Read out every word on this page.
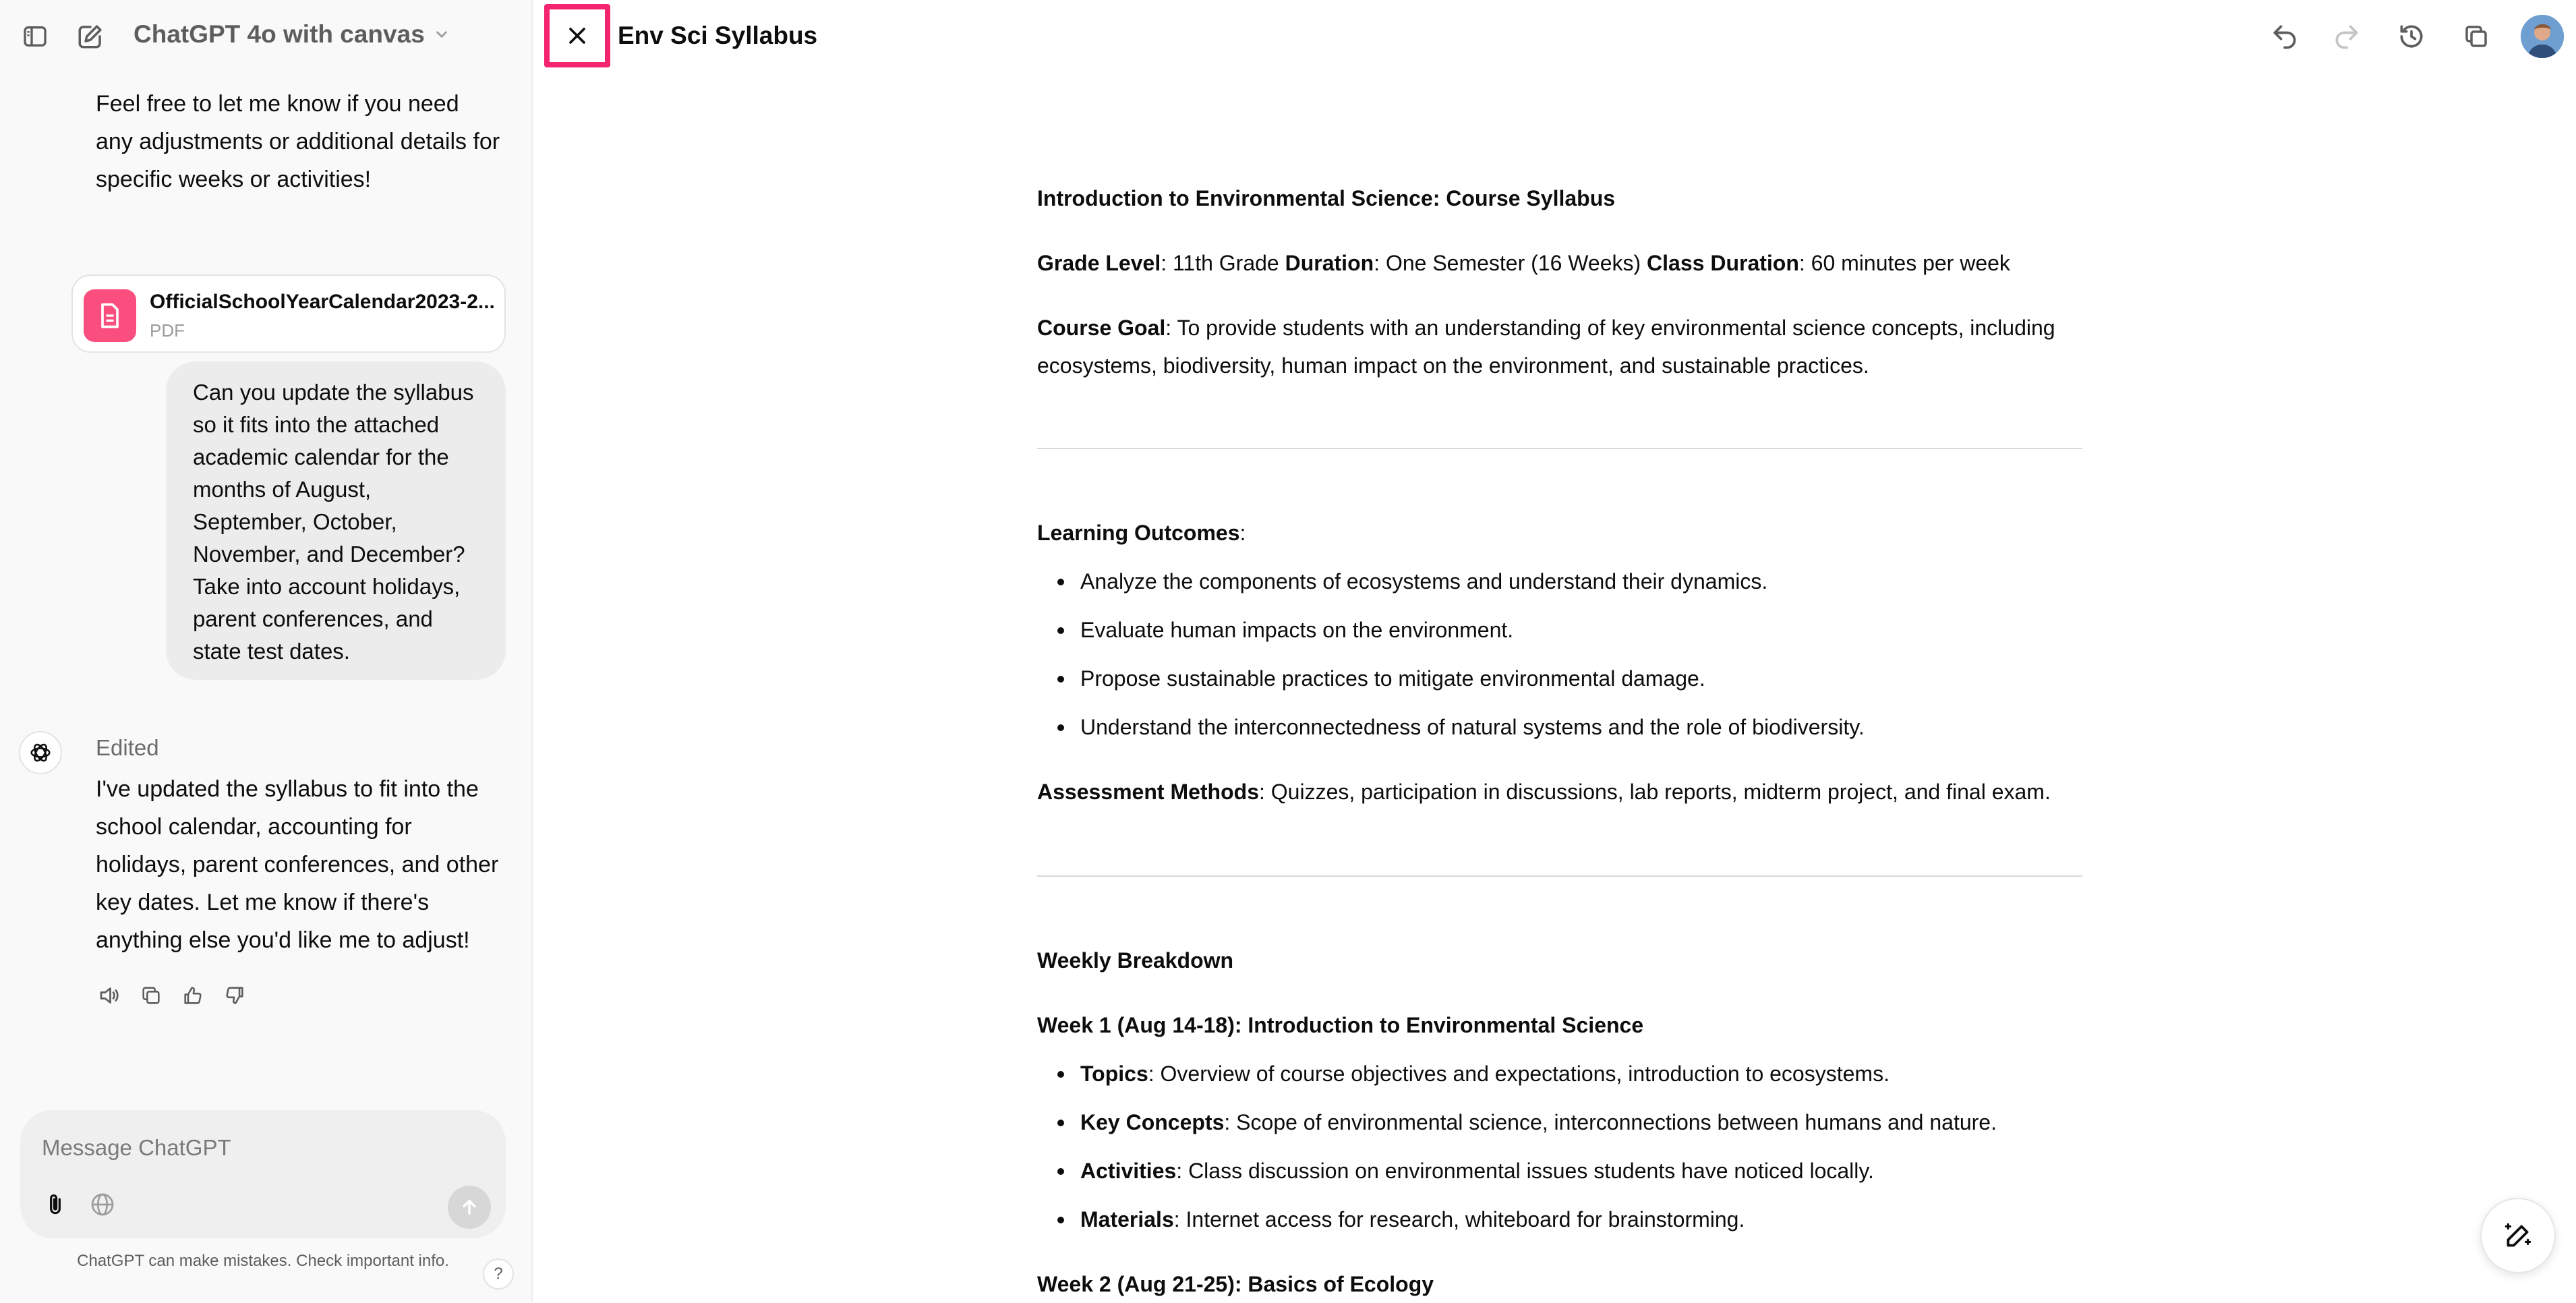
ChatGPT 4o with canvas
Feel free to let me know if you need any adjustments or additional details for specific weeks or activities!
OfficialSchoolYearCalendar2023-2...
PDF
Can you update the syllabus so it fits into the attached academic calendar for the months of August, September, October, November, and December? Take into account holidays, parent conferences, and state test dates.
Edited
I've updated the syllabus to fit into the school calendar, accounting for holidays, parent conferences, and other key dates. Let me know if there's anything else you'd like me to adjust!
Message ChatGPT
ChatGPT can make mistakes. Check important info.
?
Env Sci Syllabus

Introduction to Environmental Science: Course Syllabus

Grade Level: 11th Grade Duration: One Semester (16 Weeks) Class Duration: 60 minutes per week

Course Goal: To provide students with an understanding of key environmental science concepts, including

ecosystems, biodiversity, human impact on the environment, and sustainable practices.

Learning Outcomes:

Analyze the components of ecosystems and understand their dynamics.
Evaluate human impacts on the environment.
Propose sustainable practices to mitigate environmental damage.
Understand the interconnectedness of natural systems and the role of biodiversity.

Assessment Methods: Quizzes, participation in discussions, lab reports, midterm project, and final exam.

Weekly Breakdown

Week 1 (Aug 14-18): Introduction to Environmental Science

Topics: Overview of course objectives and expectations, introduction to ecosystems.
Key Concepts: Scope of environmental science, interconnections between humans and nature.
Activities: Class discussion on environmental issues students have noticed locally.
Materials: Internet access for research, whiteboard for brainstorming.

Week 2 (Aug 21-25): Basics of Ecology
